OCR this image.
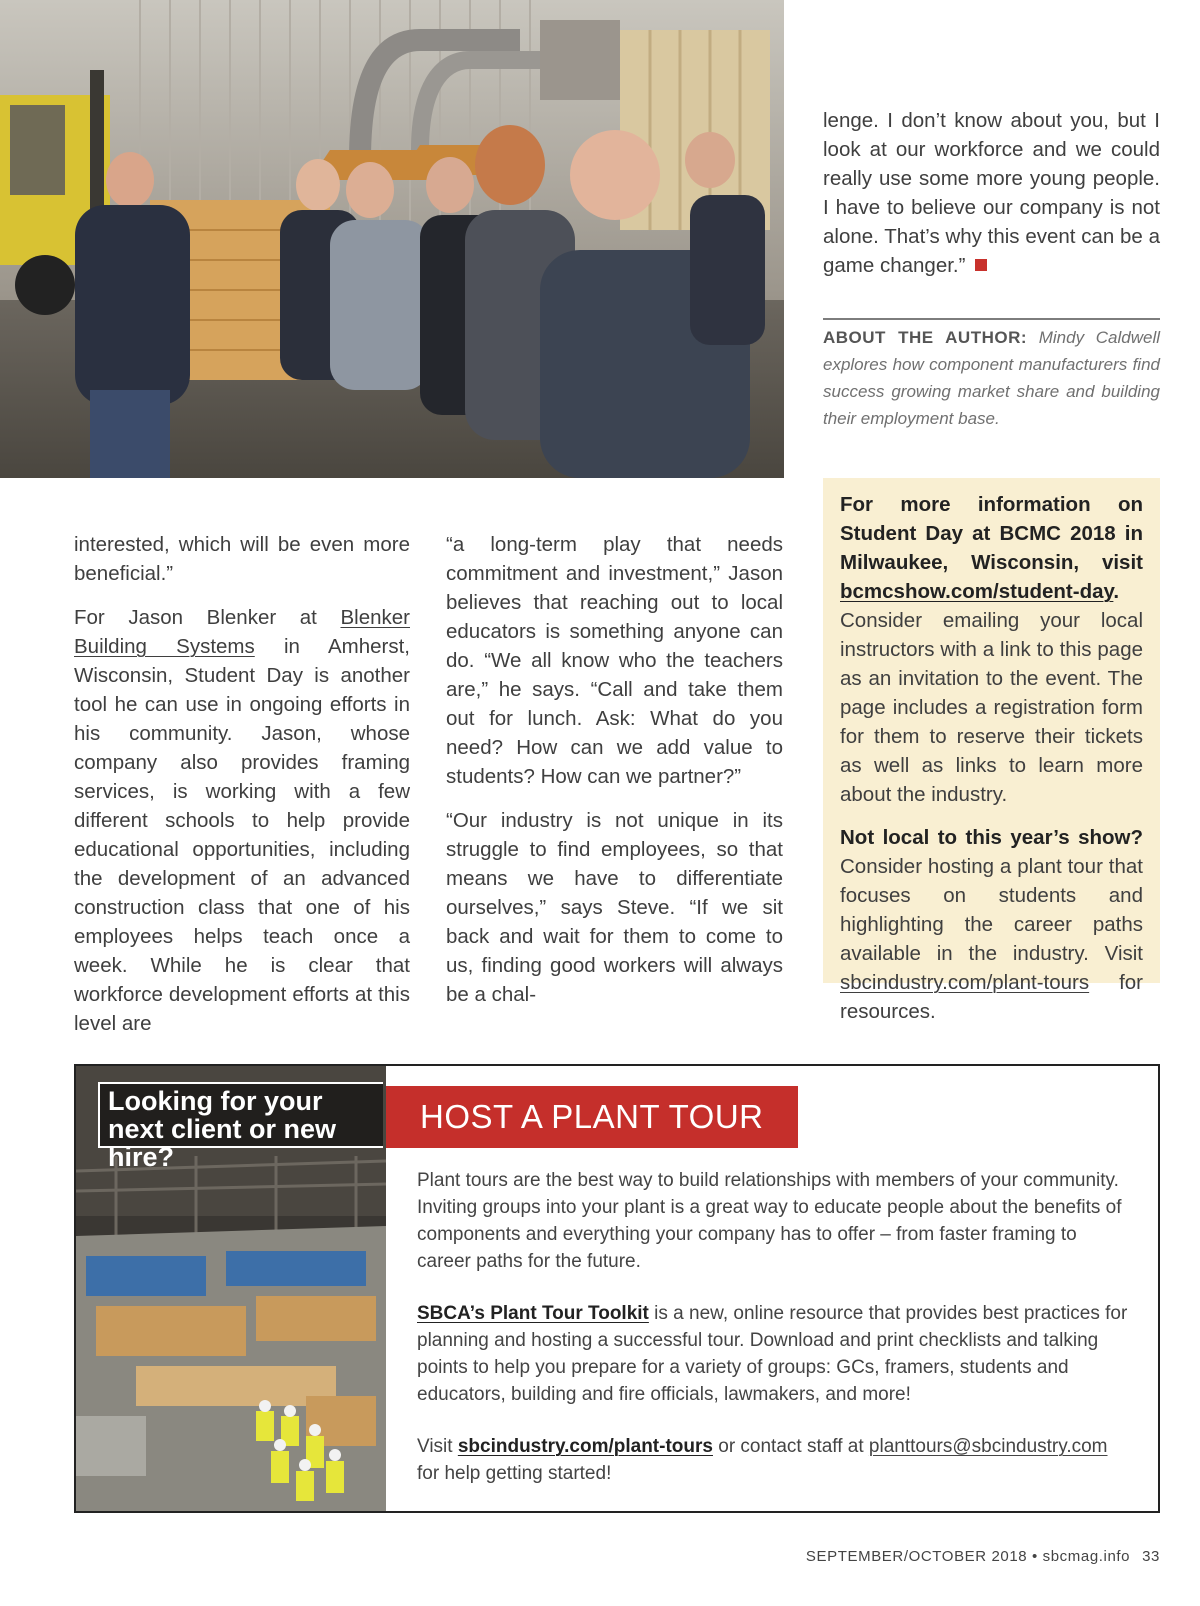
interested, which will be even more beneficial.”

For Jason Blenker at Blenker Building Systems in Amherst, Wisconsin, Student Day is another tool he can use in ongoing efforts in his community. Jason, whose company also provides framing services, is working with a few different schools to help provide educational opportunities, including the development of an advanced construction class that one of his employees helps teach once a week. While he is clear that workforce development efforts at this level are

“a long-term play that needs commitment and investment,” Jason believes that reaching out to local educators is something anyone can do. “We all know who the teachers are,” he says. “Call and take them out for lunch. Ask: What do you need? How can we add value to students? How can we partner?”

“Our industry is not unique in its struggle to find employees, so that means we have to differentiate ourselves,” says Steve. “If we sit back and wait for them to come to us, finding good workers will always be a chal-

lenge. I don’t know about you, but I look at our workforce and we could really use some more young people. I have to believe our company is not alone. That’s why this event can be a game changer.”

ABOUT THE AUTHOR: Mindy Caldwell explores how component manufacturers find success growing market share and building their employment base.

For more information on Student Day at BCMC 2018 in Milwaukee, Wisconsin, visit bcmcshow.com/student-day. Consider emailing your local instructors with a link to this page as an invitation to the event. The page includes a registration form for them to reserve their tickets as well as links to learn more about the industry.

Not local to this year’s show? Consider hosting a plant tour that focuses on students and highlighting the career paths available in the industry. Visit sbcindustry.com/plant-tours for resources.

Looking for your next client or new hire?
HOST A PLANT TOUR

Plant tours are the best way to build relationships with members of your community. Inviting groups into your plant is a great way to educate people about the benefits of components and everything your company has to offer – from faster framing to career paths for the future.

SBCA’s Plant Tour Toolkit is a new, online resource that provides best practices for planning and hosting a successful tour. Download and print checklists and talking points to help you prepare for a variety of groups: GCs, framers, students and educators, building and fire officials, lawmakers, and more!

Visit sbcindustry.com/plant-tours or contact staff at planttours@sbcindustry.com for help getting started!

SEPTEMBER/OCTOBER 2018 • sbcmag.info 33
